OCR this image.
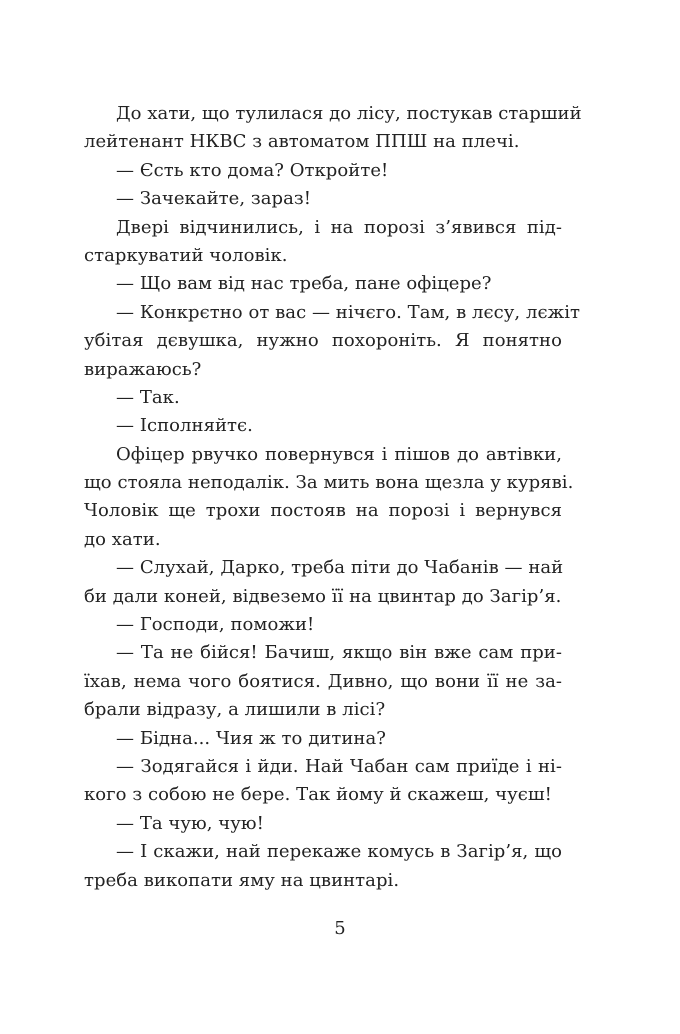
До хати, що тулилася до лісу, постукав старший
лейтенант НКВС з автоматом ППШ на плечі.
— Єсть кто дома? Откройте!
— Зачекайте, зараз!
Двері відчинились, і на порозі з’явився під-
старкуватий чоловік.
— Що вам від нас треба, пане офіцере?
— Конкрєтно от вас — нічєго. Там, в лєсу, лєжіт
убітая дєвушка, нужно похороніть. Я понятно
виражаюсь?
— Так.
— Ісполняйтє.
Офіцер рвучко повернувся і пішов до автівки,
що стояла неподалік. За мить вона щезла у куряві.
Чоловік ще трохи постояв на порозі і вернувся
до хати.
— Слухай, Дарко, треба піти до Чабанів — най
би дали коней, відвеземо її на цвинтар до Загір’я.
— Господи, поможи!
— Та не бійся! Бачиш, якщо він вже сам при-
їхав, нема чого боятися. Дивно, що вони її не за-
брали відразу, а лишили в лісі?
— Бідна... Чия ж то дитина?
— Зодягайся і йди. Най Чабан сам приїде і ні-
кого з собою не бере. Так йому й скажеш, чуєш!
— Та чую, чую!
— І скажи, най перекаже комусь в Загір’я, що
треба викопати яму на цвинтарі.
5
